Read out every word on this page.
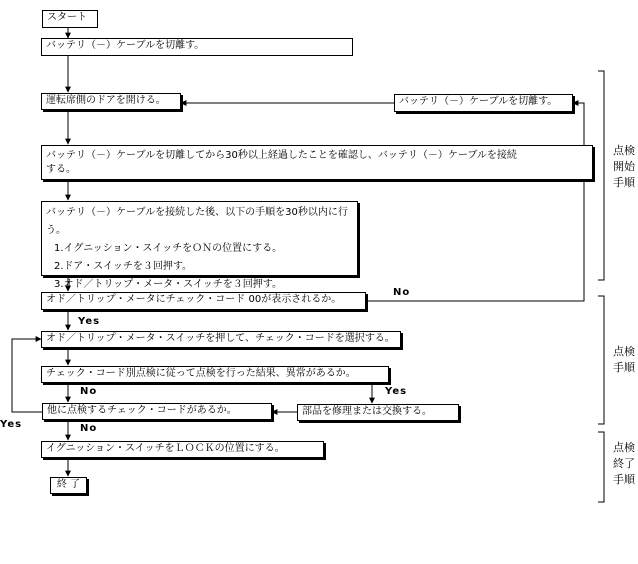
スタート
バッテリ（－）ケーブルを切離す。
運転席側のドアを開ける。	バッテリ（－）ケーブルを切離す。
バッテリ（－）ケーブルを切離してから30秒以上経過したことを確認し、バッテリ（－）ケーブルを接続
する。
バッテリ（－）ケーブルを接続した後、以下の手順を30秒以内に行う。
1.イグニッション・スイッチをＯＮの位置にする。
2.ドア・スイッチを３回押す。
3.オド／トリップ・メータ・スイッチを３回押す。
オド／トリップ・メータにチェック・コード 00が表示されるか。
オド／トリップ・メータ・スイッチを押して、チェック・コードを選択する。
チェック・コード別点検に従って点検を行った結果、異常があるか。
他に点検するチェック・コードがあるか。	部品を修理または交換する。
イグニッション・スイッチをＬＯＣＫの位置にする。
終 了
No
Yes
No	Yes
Yes	No
点検開始手順
点検手順
点検終了手順
